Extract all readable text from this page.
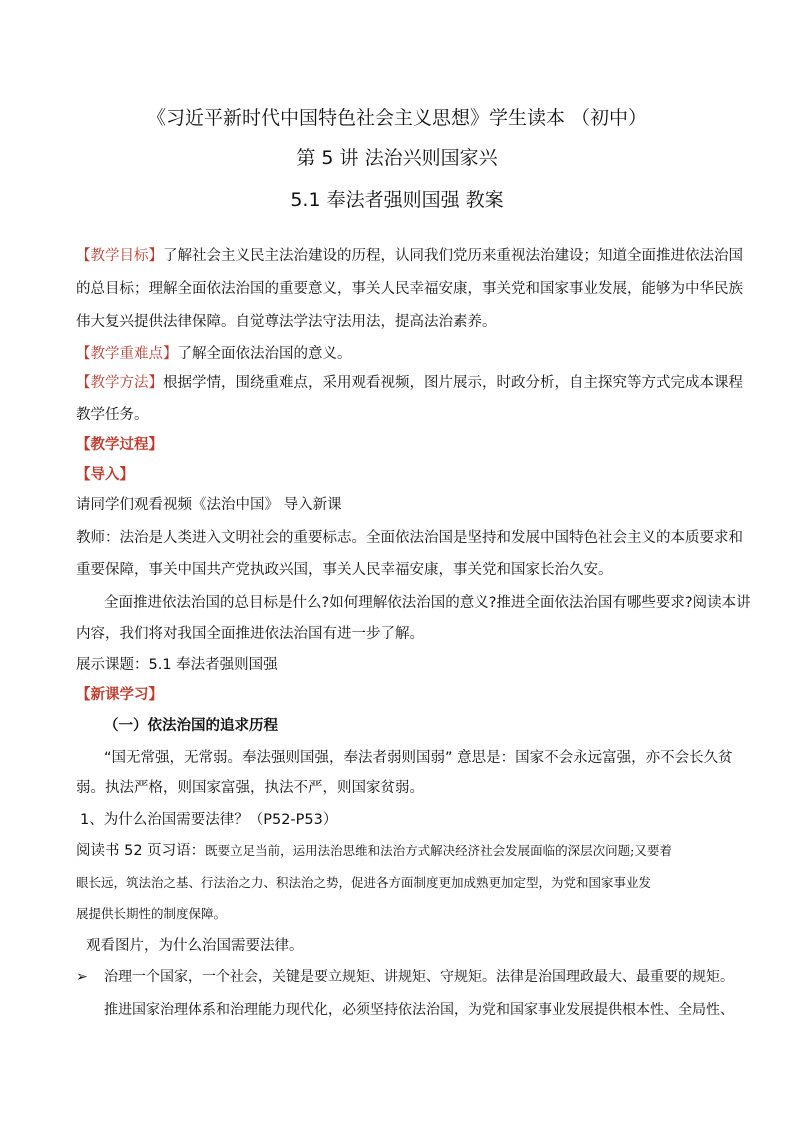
《习近平新时代中国特色社会主义思想》学生读本 （初中）
第 5 讲 法治兴则国家兴
5.1 奉法者强则国强 教案
【教学目标】了解社会主义民主法治建设的历程，认同我们党历来重视法治建设；知道全面推进依法治国
的总目标；理解全面依法治国的重要意义，事关人民幸福安康，事关党和国家事业发展，能够为中华民族
伟大复兴提供法律保障。自觉尊法学法守法用法，提高法治素养。
【教学重难点】了解全面依法治国的意义。
【教学方法】根据学情，围绕重难点，采用观看视频，图片展示，时政分析，自主探究等方式完成本课程
教学任务。
【教学过程】
【导入】
请同学们观看视频《法治中国》 导入新课
教师：法治是人类进入文明社会的重要标志。全面依法治国是坚持和发展中国特色社会主义的本质要求和
重要保障，事关中国共产党执政兴国，事关人民幸福安康，事关党和国家长治久安。
全面推进依法治国的总目标是什么?如何理解依法治国的意义?推进全面依法治国有哪些要求?阅读本讲
内容，我们将对我国全面推进依法治国有进一步了解。
展示课题：5.1 奉法者强则国强
【新课学习】
（一）依法治国的追求历程
“国无常强，无常弱。奉法强则国强，奉法者弱则国弱” 意思是：国家不会永远富强，亦不会长久贫
弱。执法严格，则国家富强，执法不严，则国家贫弱。
1、为什么治国需要法律？（P52-P53）
阅读书 52 页习语：既要立足当前，运用法治思维和法治方式解决经济社会发展面临的深层次问题;又要着
眼长远，筑法治之基、行法治之力、积法治之势，促进各方面制度更加成熟更加定型，为党和国家事业发
展提供长期性的制度保障。
观看图片，为什么治国需要法律。
➢ 治理一个国家，一个社会，关键是要立规矩、讲规矩、守规矩。法律是治国理政最大、最重要的规矩。
推进国家治理体系和治理能力现代化，必须坚持依法治国，为党和国家事业发展提供根本性、全局性、
